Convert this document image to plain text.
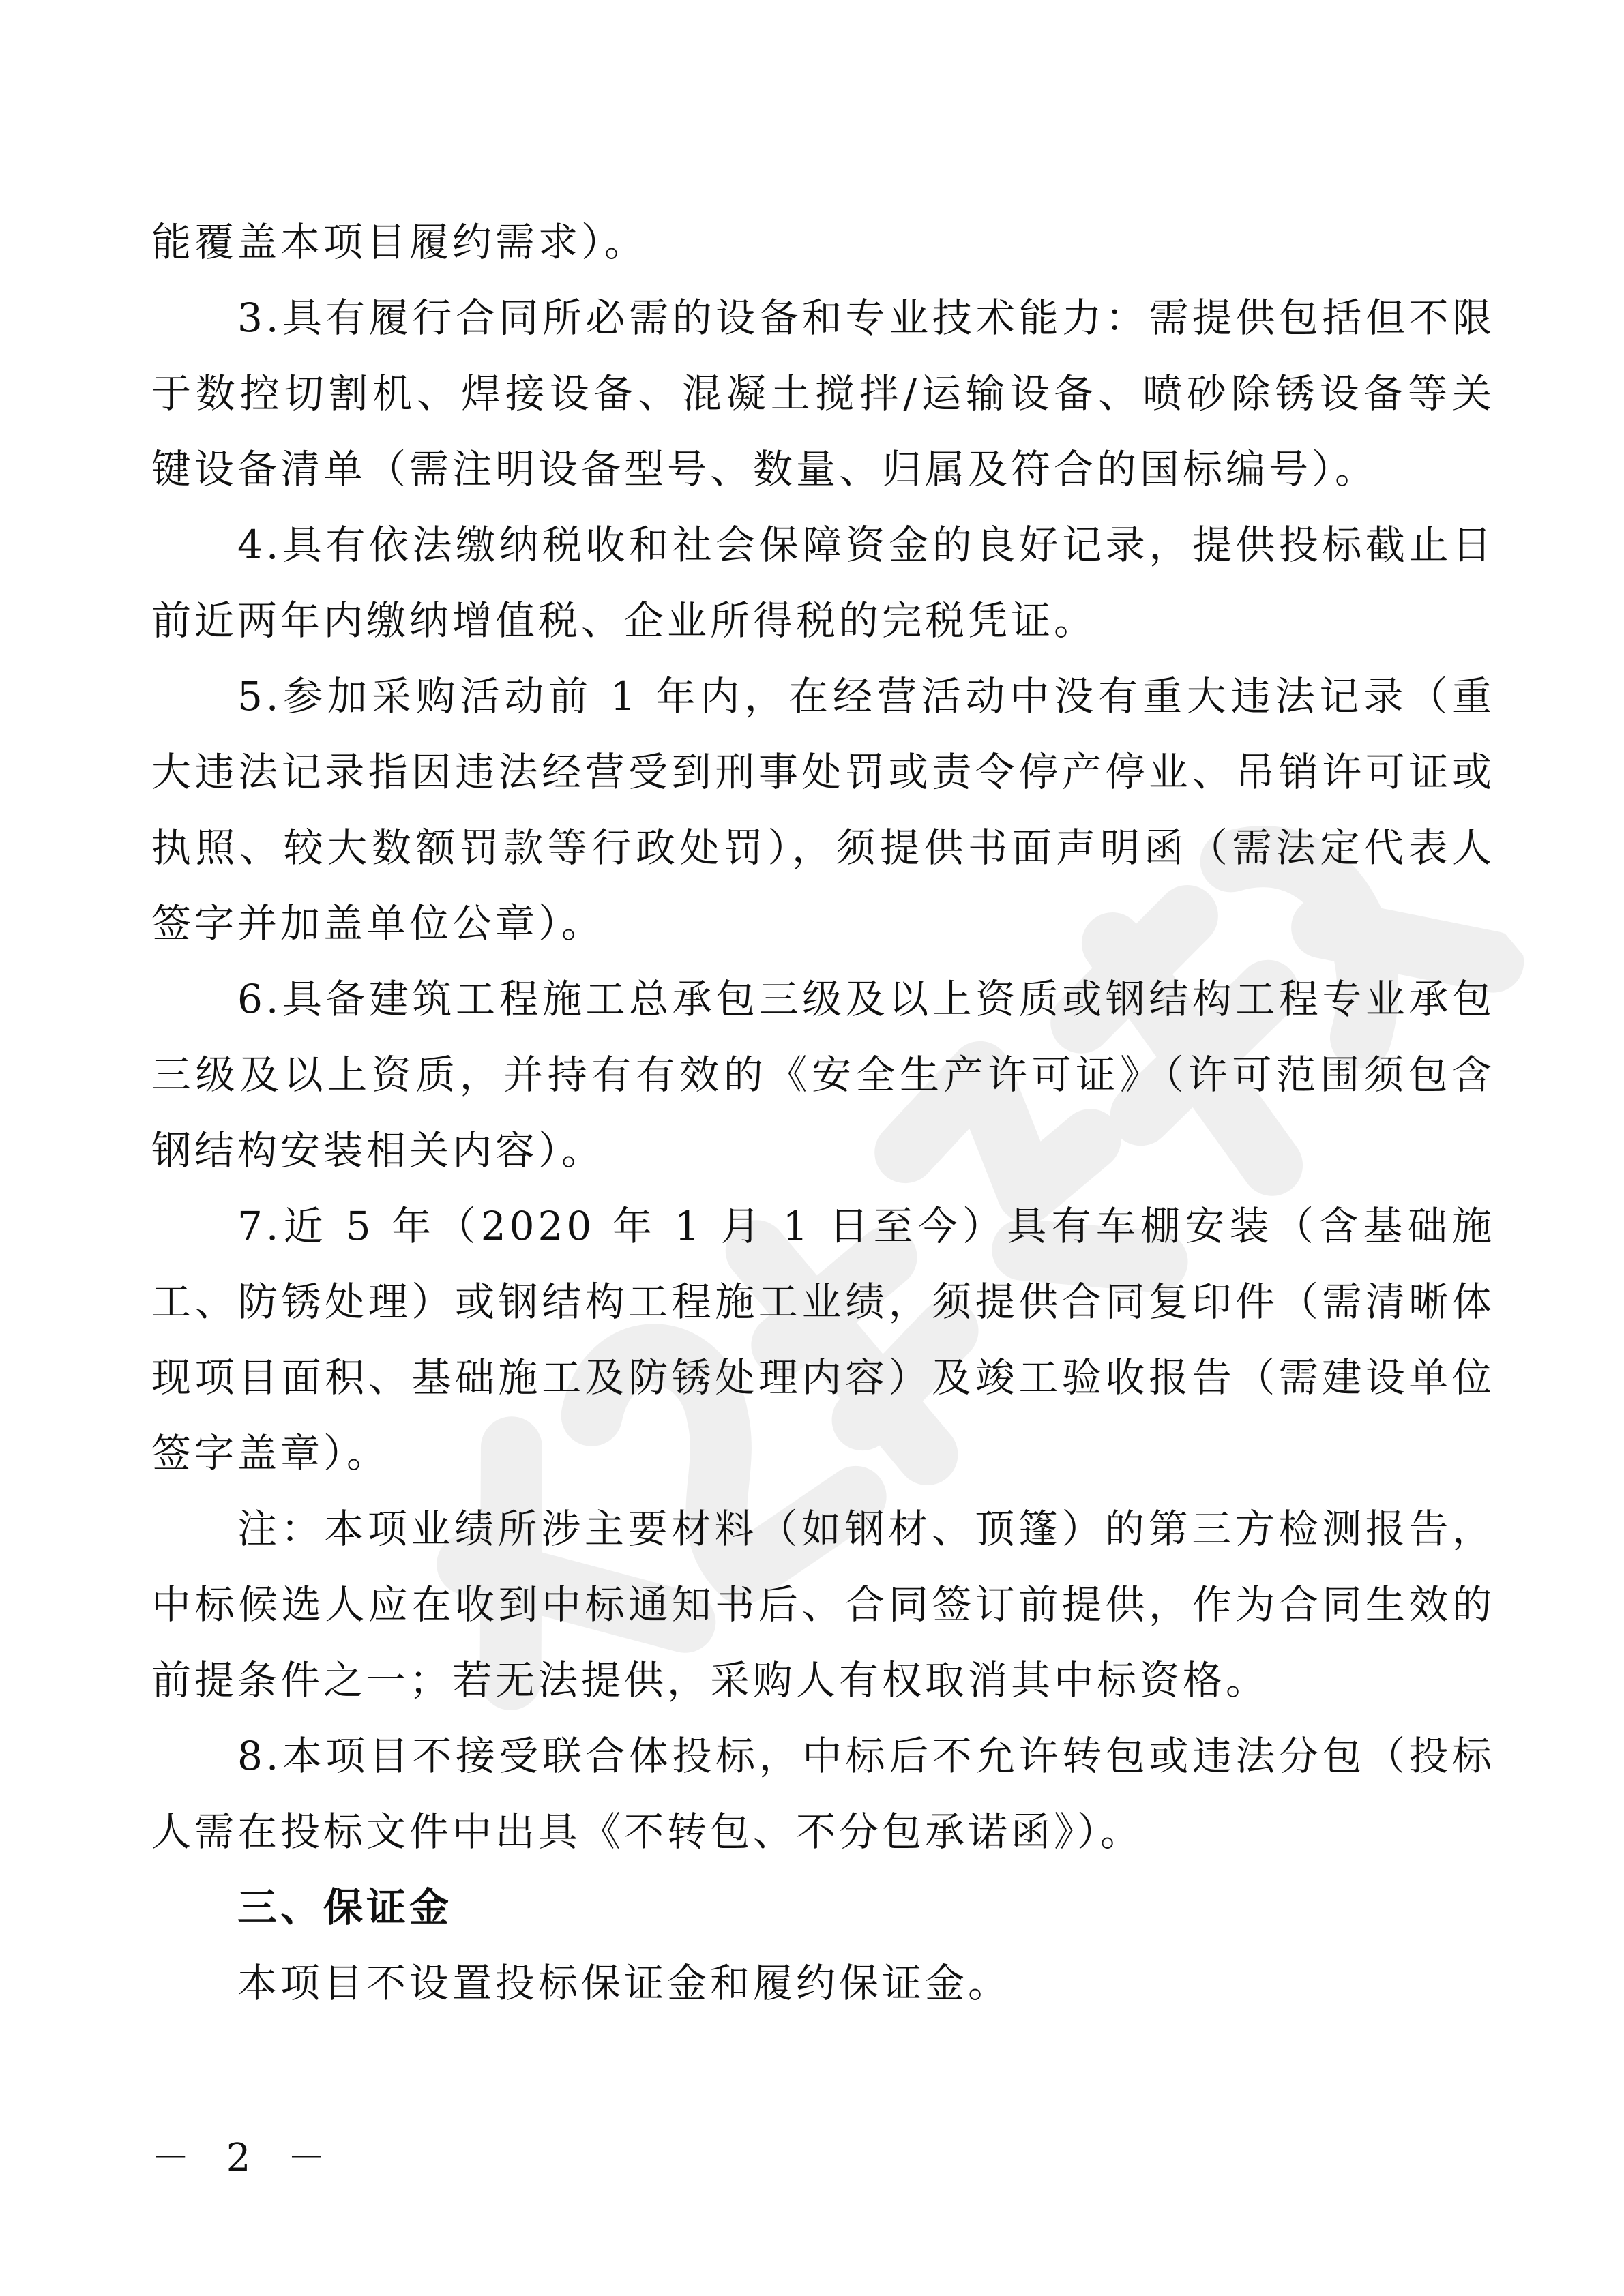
能覆盖本项目履约需求）。

3.具有履行合同所必需的设备和专业技术能力：需提供包括但不限于数控切割机、焊接设备、混凝土搅拌/运输设备、喷砂除锈设备等关键设备清单（需注明设备型号、数量、归属及符合的国标编号）。

4.具有依法缴纳税收和社会保障资金的良好记录，提供投标截止日前近两年内缴纳增值税、企业所得税的完税凭证。

5.参加采购活动前 1 年内，在经营活动中没有重大违法记录（重大违法记录指因违法经营受到刑事处罚或责令停产停业、吊销许可证或执照、较大数额罚款等行政处罚），须提供书面声明函（需法定代表人签字并加盖单位公章）。

6.具备建筑工程施工总承包三级及以上资质或钢结构工程专业承包三级及以上资质，并持有有效的《安全生产许可证》（许可范围须包含钢结构安装相关内容）。

7.近 5 年（2020 年 1 月 1 日至今）具有车棚安装（含基础施工、防锈处理）或钢结构工程施工业绩，须提供合同复印件（需清晰体现项目面积、基础施工及防锈处理内容）及竣工验收报告（需建设单位签字盖章）。

注：本项业绩所涉主要材料（如钢材、顶篷）的第三方检测报告，中标候选人应在收到中标通知书后、合同签订前提供，作为合同生效的前提条件之一；若无法提供，采购人有权取消其中标资格。

8.本项目不接受联合体投标，中标后不允许转包或违法分包（投标人需在投标文件中出具《不转包、不分包承诺函》）。

三、保证金

本项目不设置投标保证金和履约保证金。

－ 2 －
